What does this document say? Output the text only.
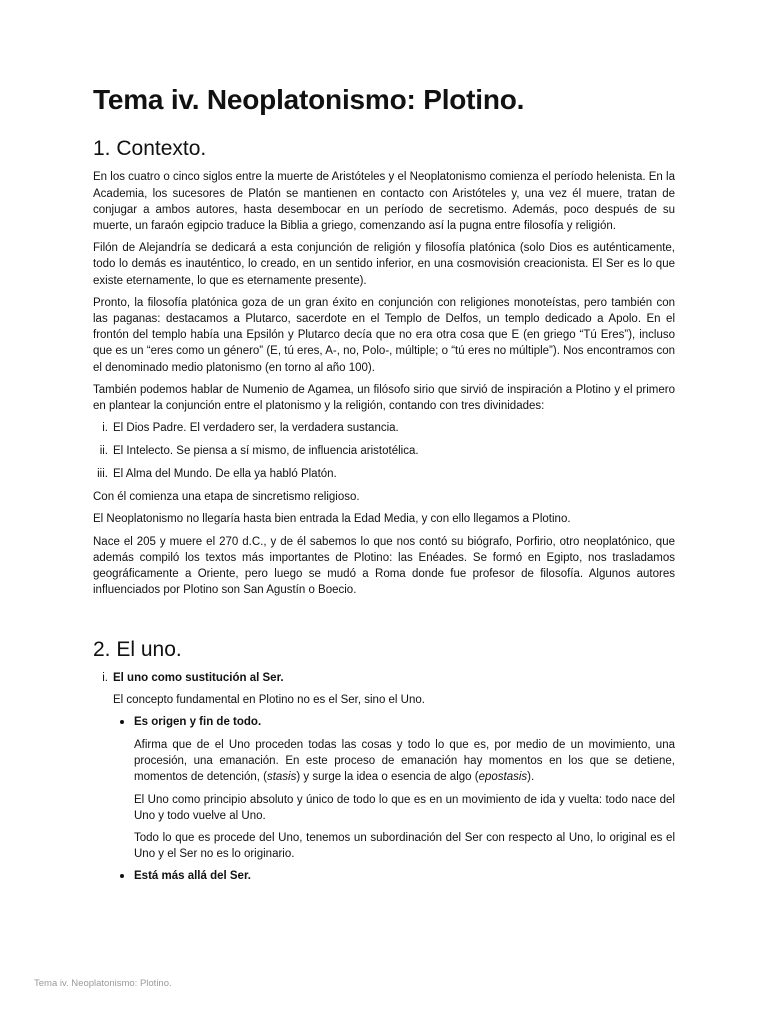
Tema iv. Neoplatonismo: Plotino.
1. Contexto.

En los cuatro o cinco siglos entre la muerte de Aristóteles y el Neoplatonismo comienza el período helenista. En la Academia, los sucesores de Platón se mantienen en contacto con Aristóteles y, una vez él muere, tratan de conjugar a ambos autores, hasta desembocar en un período de secretismo. Además, poco después de su muerte, un faraón egipcio traduce la Biblia a griego, comenzando así la pugna entre filosofía y religión.

Filón de Alejandría se dedicará a esta conjunción de religión y filosofía platónica (solo Dios es auténticamente, todo lo demás es inauténtico, lo creado, en un sentido inferior, en una cosmovisión creacionista. El Ser es lo que existe eternamente, lo que es eternamente presente).

Pronto, la filosofía platónica goza de un gran éxito en conjunción con religiones monoteístas, pero también con las paganas: destacamos a Plutarco, sacerdote en el Templo de Delfos, un templo dedicado a Apolo. En el frontón del templo había una Epsilón y Plutarco decía que no era otra cosa que E (en griego “Tú Eres”), incluso que es un “eres como un género” (E, tú eres, A-, no, Polo-, múltiple; o “tú eres no múltiple”). Nos encontramos con el denominado medio platonismo (en torno al año 100).

También podemos hablar de Numenio de Agamea, un filósofo sirio que sirvió de inspiración a Plotino y el primero en plantear la conjunción entre el platonismo y la religión, contando con tres divinidades:

i. El Dios Padre. El verdadero ser, la verdadera sustancia.
ii. El Intelecto. Se piensa a sí mismo, de influencia aristotélica.
iii. El Alma del Mundo. De ella ya habló Platón.

Con él comienza una etapa de sincretismo religioso.

El Neoplatonismo no llegaría hasta bien entrada la Edad Media, y con ello llegamos a Plotino.

Nace el 205 y muere el 270 d.C., y de él sabemos lo que nos contó su biógrafo, Porfirio, otro neoplatónico, que además compiló los textos más importantes de Plotino: las Enéades. Se formó en Egipto, nos trasladamos geográficamente a Oriente, pero luego se mudó a Roma donde fue profesor de filosofía. Algunos autores influenciados por Plotino son San Agustín o Boecio.

2. El uno.
i. El uno como sustitución al Ser.

El concepto fundamental en Plotino no es el Ser, sino el Uno.

Es origen y fin de todo.

Afirma que de el Uno proceden todas las cosas y todo lo que es, por medio de un movimiento, una procesión, una emanación. En este proceso de emanación hay momentos en los que se detiene, momentos de detención, (stasis) y surge la idea o esencia de algo (epostasis).

El Uno como principio absoluto y único de todo lo que es en un movimiento de ida y vuelta: todo nace del Uno y todo vuelve al Uno.

Todo lo que es procede del Uno, tenemos un subordinación del Ser con respecto al Uno, lo original es el Uno y el Ser no es lo originario.

Está más allá del Ser.
Tema iv. Neoplatonismo: Plotino.
